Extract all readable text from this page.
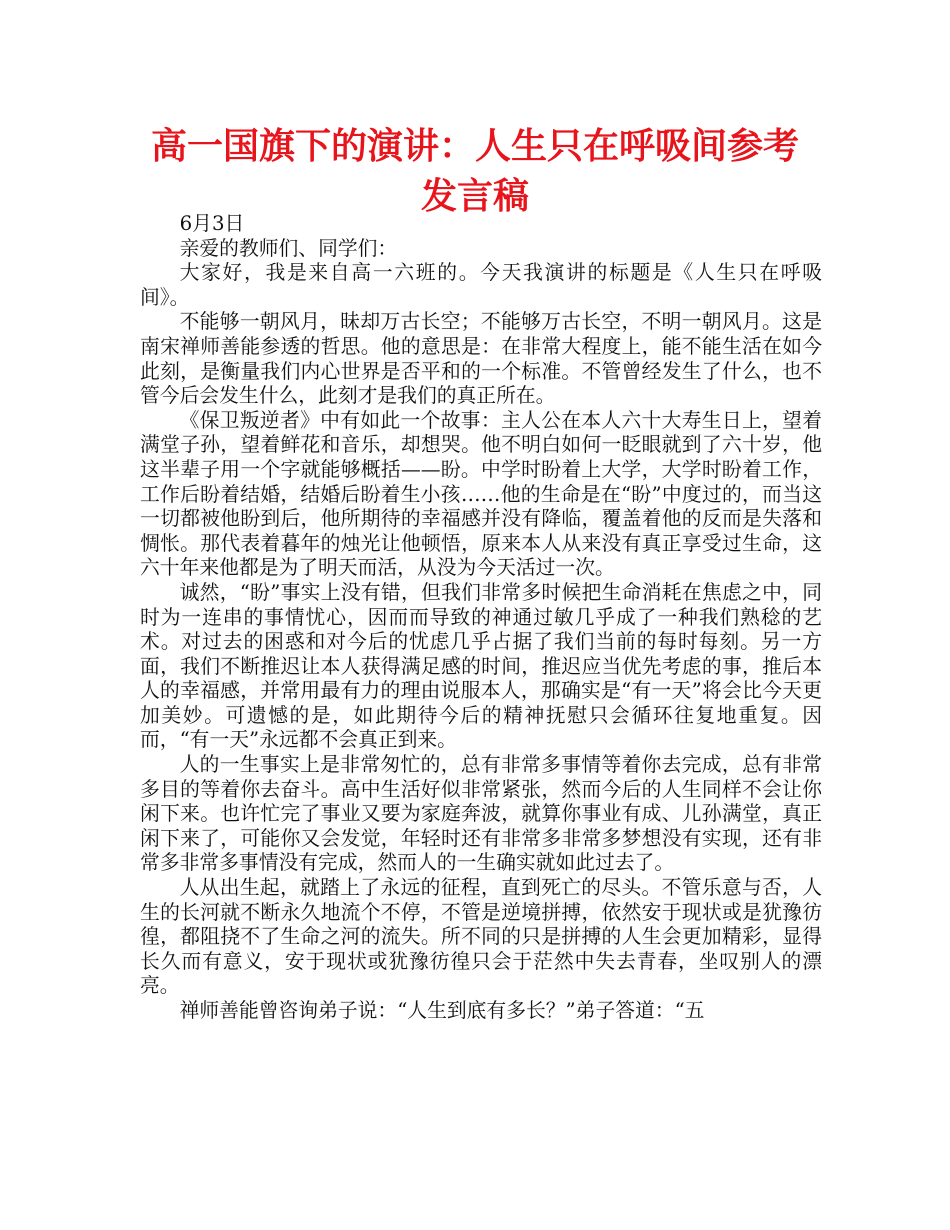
高一国旗下的演讲：人生只在呼吸间参考发言稿

6月3日

亲爱的教师们、同学们：

大家好，我是来自高一六班的。今天我演讲的标题是《人生只在呼吸间》。

不能够一朝风月，昧却万古长空；不能够万古长空，不明一朝风月。这是南宋禅师善能参透的哲思。他的意思是：在非常大程度上，能不能生活在如今此刻，是衡量我们内心世界是否平和的一个标准。不管曾经发生了什么，也不管今后会发生什么，此刻才是我们的真正所在。

《保卫叛逆者》中有如此一个故事：主人公在本人六十大寿生日上，望着满堂子孙，望着鲜花和音乐，却想哭。他不明白如何一眨眼就到了六十岁，他这半辈子用一个字就能够概括——盼。中学时盼着上大学，大学时盼着工作，工作后盼着结婚，结婚后盼着生小孩……他的生命是在“盼”中度过的，而当这一切都被他盼到后，他所期待的幸福感并没有降临，覆盖着他的反而是失落和惆怅。那代表着暮年的烛光让他顿悟，原来本人从来没有真正享受过生命，这六十年来他都是为了明天而活，从没为今天活过一次。

诚然，“盼”事实上没有错，但我们非常多时候把生命消耗在焦虑之中，同时为一连串的事情忧心，因而而导致的神通过敏几乎成了一种我们熟稔的艺术。对过去的困惑和对今后的忧虑几乎占据了我们当前的每时每刻。另一方面，我们不断推迟让本人获得满足感的时间，推迟应当优先考虑的事，推后本人的幸福感，并常用最有力的理由说服本人，那确实是“有一天”将会比今天更加美妙。可遗憾的是，如此期待今后的精神抚慰只会循环往复地重复。因而，“有一天”永远都不会真正到来。

人的一生事实上是非常匆忙的，总有非常多事情等着你去完成，总有非常多目的等着你去奋斗。高中生活好似非常紧张，然而今后的人生同样不会让你闲下来。也许忙完了事业又要为家庭奔波，就算你事业有成、儿孙满堂，真正闲下来了，可能你又会发觉，年轻时还有非常多非常多梦想没有实现，还有非常多非常多事情没有完成，然而人的一生确实就如此过去了。

人从出生起，就踏上了永远的征程，直到死亡的尽头。不管乐意与否，人生的长河就不断永久地流个不停，不管是逆境拼搏，依然安于现状或是犹豫彷徨，都阻挠不了生命之河的流失。所不同的只是拼搏的人生会更加精彩，显得长久而有意义，安于现状或犹豫彷徨只会于茫然中失去青春，坐叹别人的漂亮。

禅师善能曾咨询弟子说：“人生到底有多长？”弟子答道：“五
